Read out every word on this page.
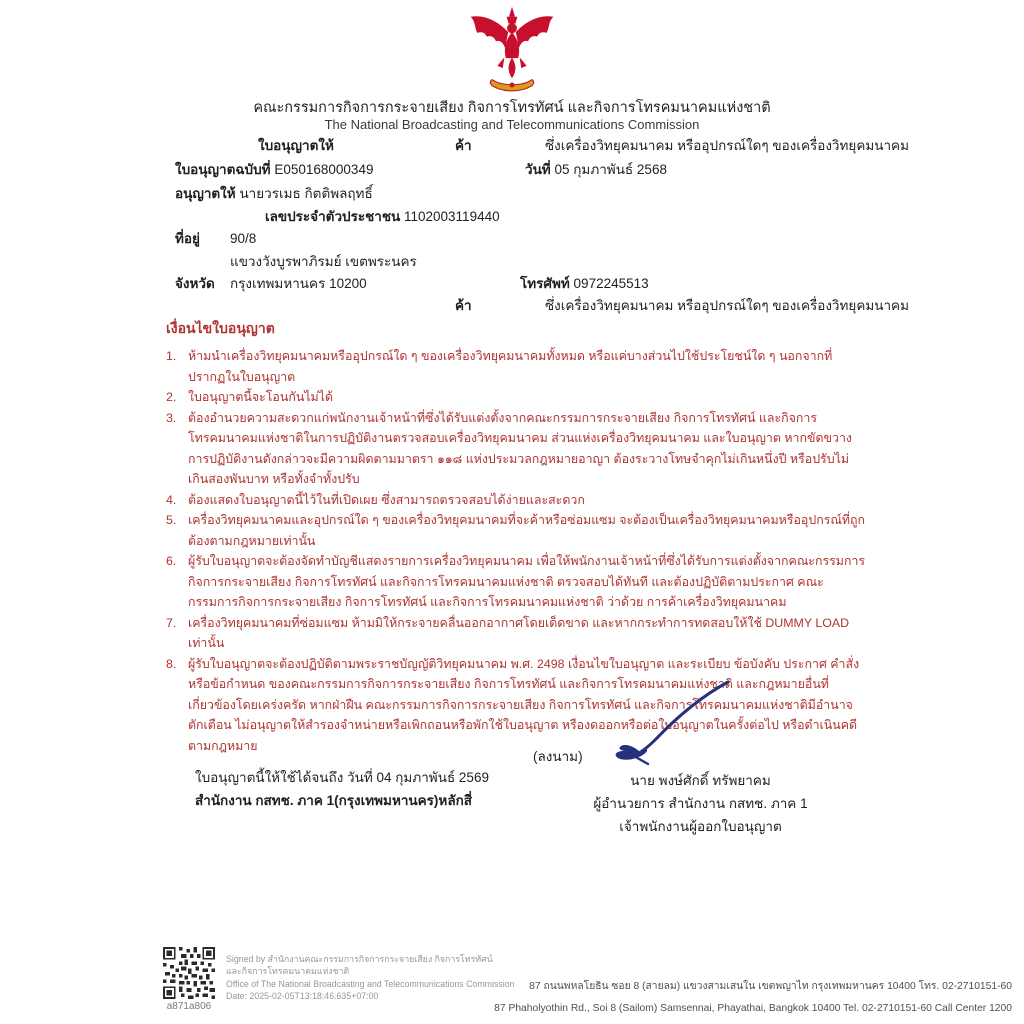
คณะกรรมการกิจการกระจายเสียง กิจการโทรทัศน์ และกิจการโทรคมนาคมแห่งชาติ
The National Broadcasting and Telecommunications Commission
ใบอนุญาตให้	ค้า	ซึ่งเครื่องวิทยุคมนาคม หรืออุปกรณ์ใดๆ ของเครื่องวิทยุคมนาคม
ใบอนุญาตฉบับที่ E050168000349	วันที่ 05 กุมภาพันธ์ 2568
อนุญาตให้ นายวรเมธ กิตติพลฤทธิ์
เลขประจำตัวประชาชน 1102003119440
ที่อยู่ 90/8
แขวงวังบูรพาภิรมย์ เขตพระนคร
จังหวัด กรุงเทพมหานคร 10200	โทรศัพท์ 0972245513
ค้า	ซึ่งเครื่องวิทยุคมนาคม หรืออุปกรณ์ใดๆ ของเครื่องวิทยุคมนาคม
เงื่อนไขใบอนุญาต
1. ห้ามนำเครื่องวิทยุคมนาคมหรืออุปกรณ์ใด ๆ ของเครื่องวิทยุคมนาคมทั้งหมด หรือแค่บางส่วนไปใช้ประโยชน์ใด ๆ นอกจากที่ปรากฏในใบอนุญาต
2. ใบอนุญาตนี้จะโอนกันไม่ได้
3. ต้องอำนวยความสะดวกแก่พนักงานเจ้าหน้าที่ซึ่งได้รับแต่งตั้งจากคณะกรรมการกระจายเสียง กิจการโทรทัศน์ และกิจการโทรคมนาคมแห่งชาติในการปฏิบัติงานตรวจสอบเครื่องวิทยุคมนาคม ส่วนแห่งเครื่องวิทยุคมนาคม และใบอนุญาต หากขัดขวางการปฏิบัติงานดังกล่าวจะมีความผิดตามมาตรา ๑๑๘ แห่งประมวลกฎหมายอาญา ต้องระวางโทษจำคุกไม่เกินหนึ่งปี หรือปรับไม่เกินสองพันบาท หรือทั้งจำทั้งปรับ
4. ต้องแสดงใบอนุญาตนี้ไว้ในที่เปิดเผย ซึ่งสามารถตรวจสอบได้ง่ายและสะดวก
5. เครื่องวิทยุคมนาคมและอุปกรณ์ใด ๆ ของเครื่องวิทยุคมนาคมที่จะค้าหรือซ่อมแซม จะต้องเป็นเครื่องวิทยุคมนาคมหรืออุปกรณ์ที่ถูกต้องตามกฎหมายเท่านั้น
6. ผู้รับใบอนุญาตจะต้องจัดทำบัญชีแสดงรายการเครื่องวิทยุคมนาคม เพื่อให้พนักงานเจ้าหน้าที่ซึ่งได้รับการแต่งตั้งจากคณะกรรมการกิจการกระจายเสียง กิจการโทรทัศน์ และกิจการโทรคมนาคมแห่งชาติ ตรวจสอบได้ทันที และต้องปฏิบัติตามประกาศ คณะกรรมการกิจการกระจายเสียง กิจการโทรทัศน์ และกิจการโทรคมนาคมแห่งชาติ ว่าด้วย การค้าเครื่องวิทยุคมนาคม
7. เครื่องวิทยุคมนาคมที่ซ่อมแซม ห้ามมิให้กระจายคลื่นออกอากาศโดยเด็ดขาด และหากกระทำการทดสอบให้ใช้ DUMMY LOAD เท่านั้น
8. ผู้รับใบอนุญาตจะต้องปฏิบัติตามพระราชบัญญัติวิทยุคมนาคม พ.ศ. 2498 เงื่อนไขใบอนุญาต และระเบียบ ข้อบังคับ ประกาศ คำสั่ง หรือข้อกำหนด ของคณะกรรมการกิจการกระจายเสียง กิจการโทรทัศน์ และกิจการโทรคมนาคมแห่งชาติ และกฎหมายอื่นที่เกี่ยวข้องโดยเคร่งครัด หากฝ่าฝืน คณะกรรมการกิจการกระจายเสียง กิจการโทรทัศน์ และกิจการโทรคมนาคมแห่งชาติมีอำนาจตักเตือน ไม่อนุญาตให้สำรองจำหน่ายหรือเพิกถอนหรือพักใช้ใบอนุญาต หรืองดออกหรือต่อใบอนุญาตในครั้งต่อไป หรือดำเนินคดีตามกฎหมาย
(ลงนาม)
ใบอนุญาตนี้ให้ใช้ได้จนถึง วันที่ 04 กุมภาพันธ์ 2569
สำนักงาน กสทช. ภาค 1(กรุงเทพมหานคร)หลักสี่
นาย พงษ์ศักดิ์ ทรัพยาคม
ผู้อำนวยการ สำนักงาน กสทช. ภาค 1
เจ้าพนักงานผู้ออกใบอนุญาต
a871a806
Signed by สำนักงานคณะกรรมการกิจการกระจายเสียง กิจการโทรทัศน์
และกิจการโทรคมนาคมแห่งชาติ
Office of The National Broadcasting and Telecommunications Commission
Date: 2025-02-05T13:18:46.635+07:00
87 ถนนพหลโยธิน ซอย 8 (สายลม) แขวงสามเสนใน เขตพญาไท กรุงเทพมหานคร 10400 โทร. 02-2710151-60
87 Phaholyothin Rd., Soi 8 (Sailom) Samsennai, Phayathai, Bangkok 10400 Tel. 02-2710151-60 Call Center 1200
